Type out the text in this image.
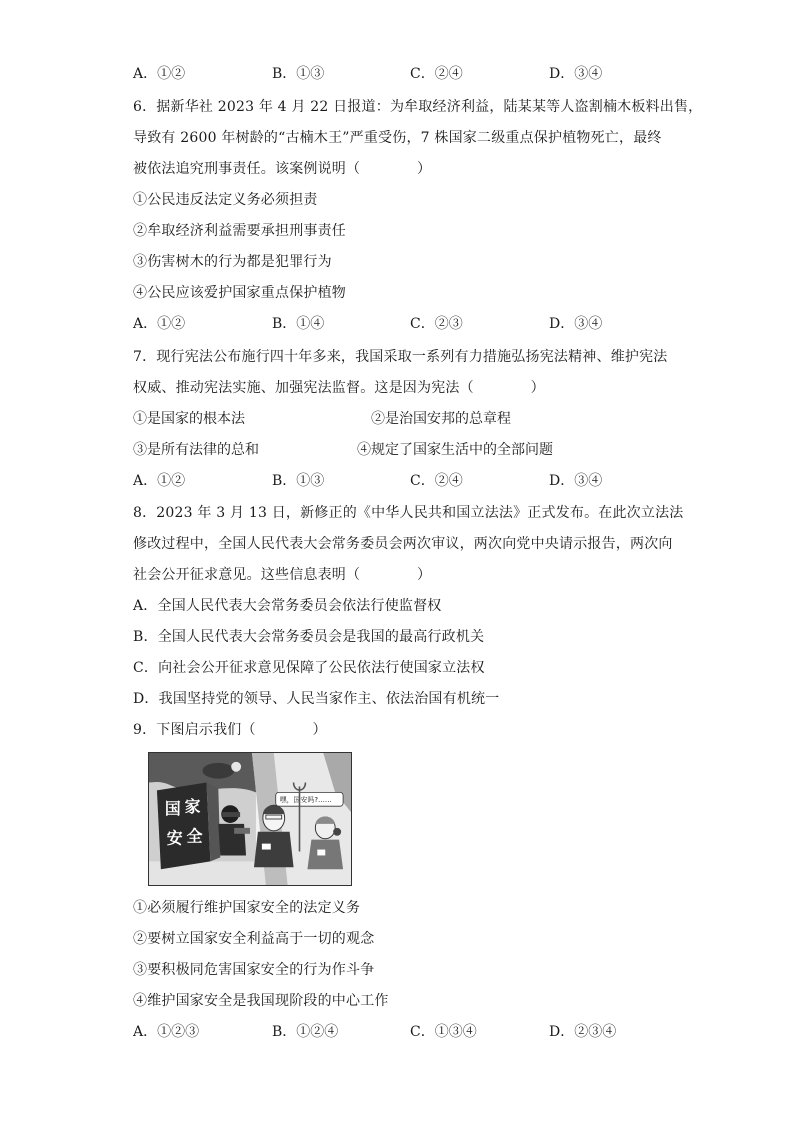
A．①②	B．①③	C．②④	D．③④
6．据新华社 2023 年 4 月 22 日报道：为牟取经济利益，陆某某等人盗割楠木板料出售，
导致有 2600 年树龄的“古楠木王”严重受伤，7 株国家二级重点保护植物死亡，最终
被依法追究刑事责任。该案例说明（　　　　）
①公民违反法定义务必须担责
②牟取经济利益需要承担刑事责任
③伤害树木的行为都是犯罪行为
④公民应该爱护国家重点保护植物
A．①②	B．①④	C．②③	D．③④
7．现行宪法公布施行四十年多来，我国采取一系列有力措施弘扬宪法精神、维护宪法
权威、推动宪法实施、加强宪法监督。这是因为宪法（　　　　）
①是国家的根本法	②是治国安邦的总章程
③是所有法律的总和	④规定了国家生活中的全部问题
A．①②	B．①③	C．②④	D．③④
8．2023 年 3 月 13 日，新修正的《中华人民共和国立法法》正式发布。在此次立法法
修改过程中，全国人民代表大会常务委员会两次审议，两次向党中央请示报告，两次向
社会公开征求意见。这些信息表明（　　　　）
A．全国人民代表大会常务委员会依法行使监督权
B．全国人民代表大会常务委员会是我国的最高行政机关
C．向社会公开征求意见保障了公民依法行使国家立法权
D．我国坚持党的领导、人民当家作主、依法治国有机统一
9．下图启示我们（　　　　）
国 家
安 全
嘿，国安吗?……
①必须履行维护国家安全的法定义务
②要树立国家安全利益高于一切的观念
③要积极同危害国家安全的行为作斗争
④维护国家安全是我国现阶段的中心工作
A．①②③	B．①②④	C．①③④	D．②③④
